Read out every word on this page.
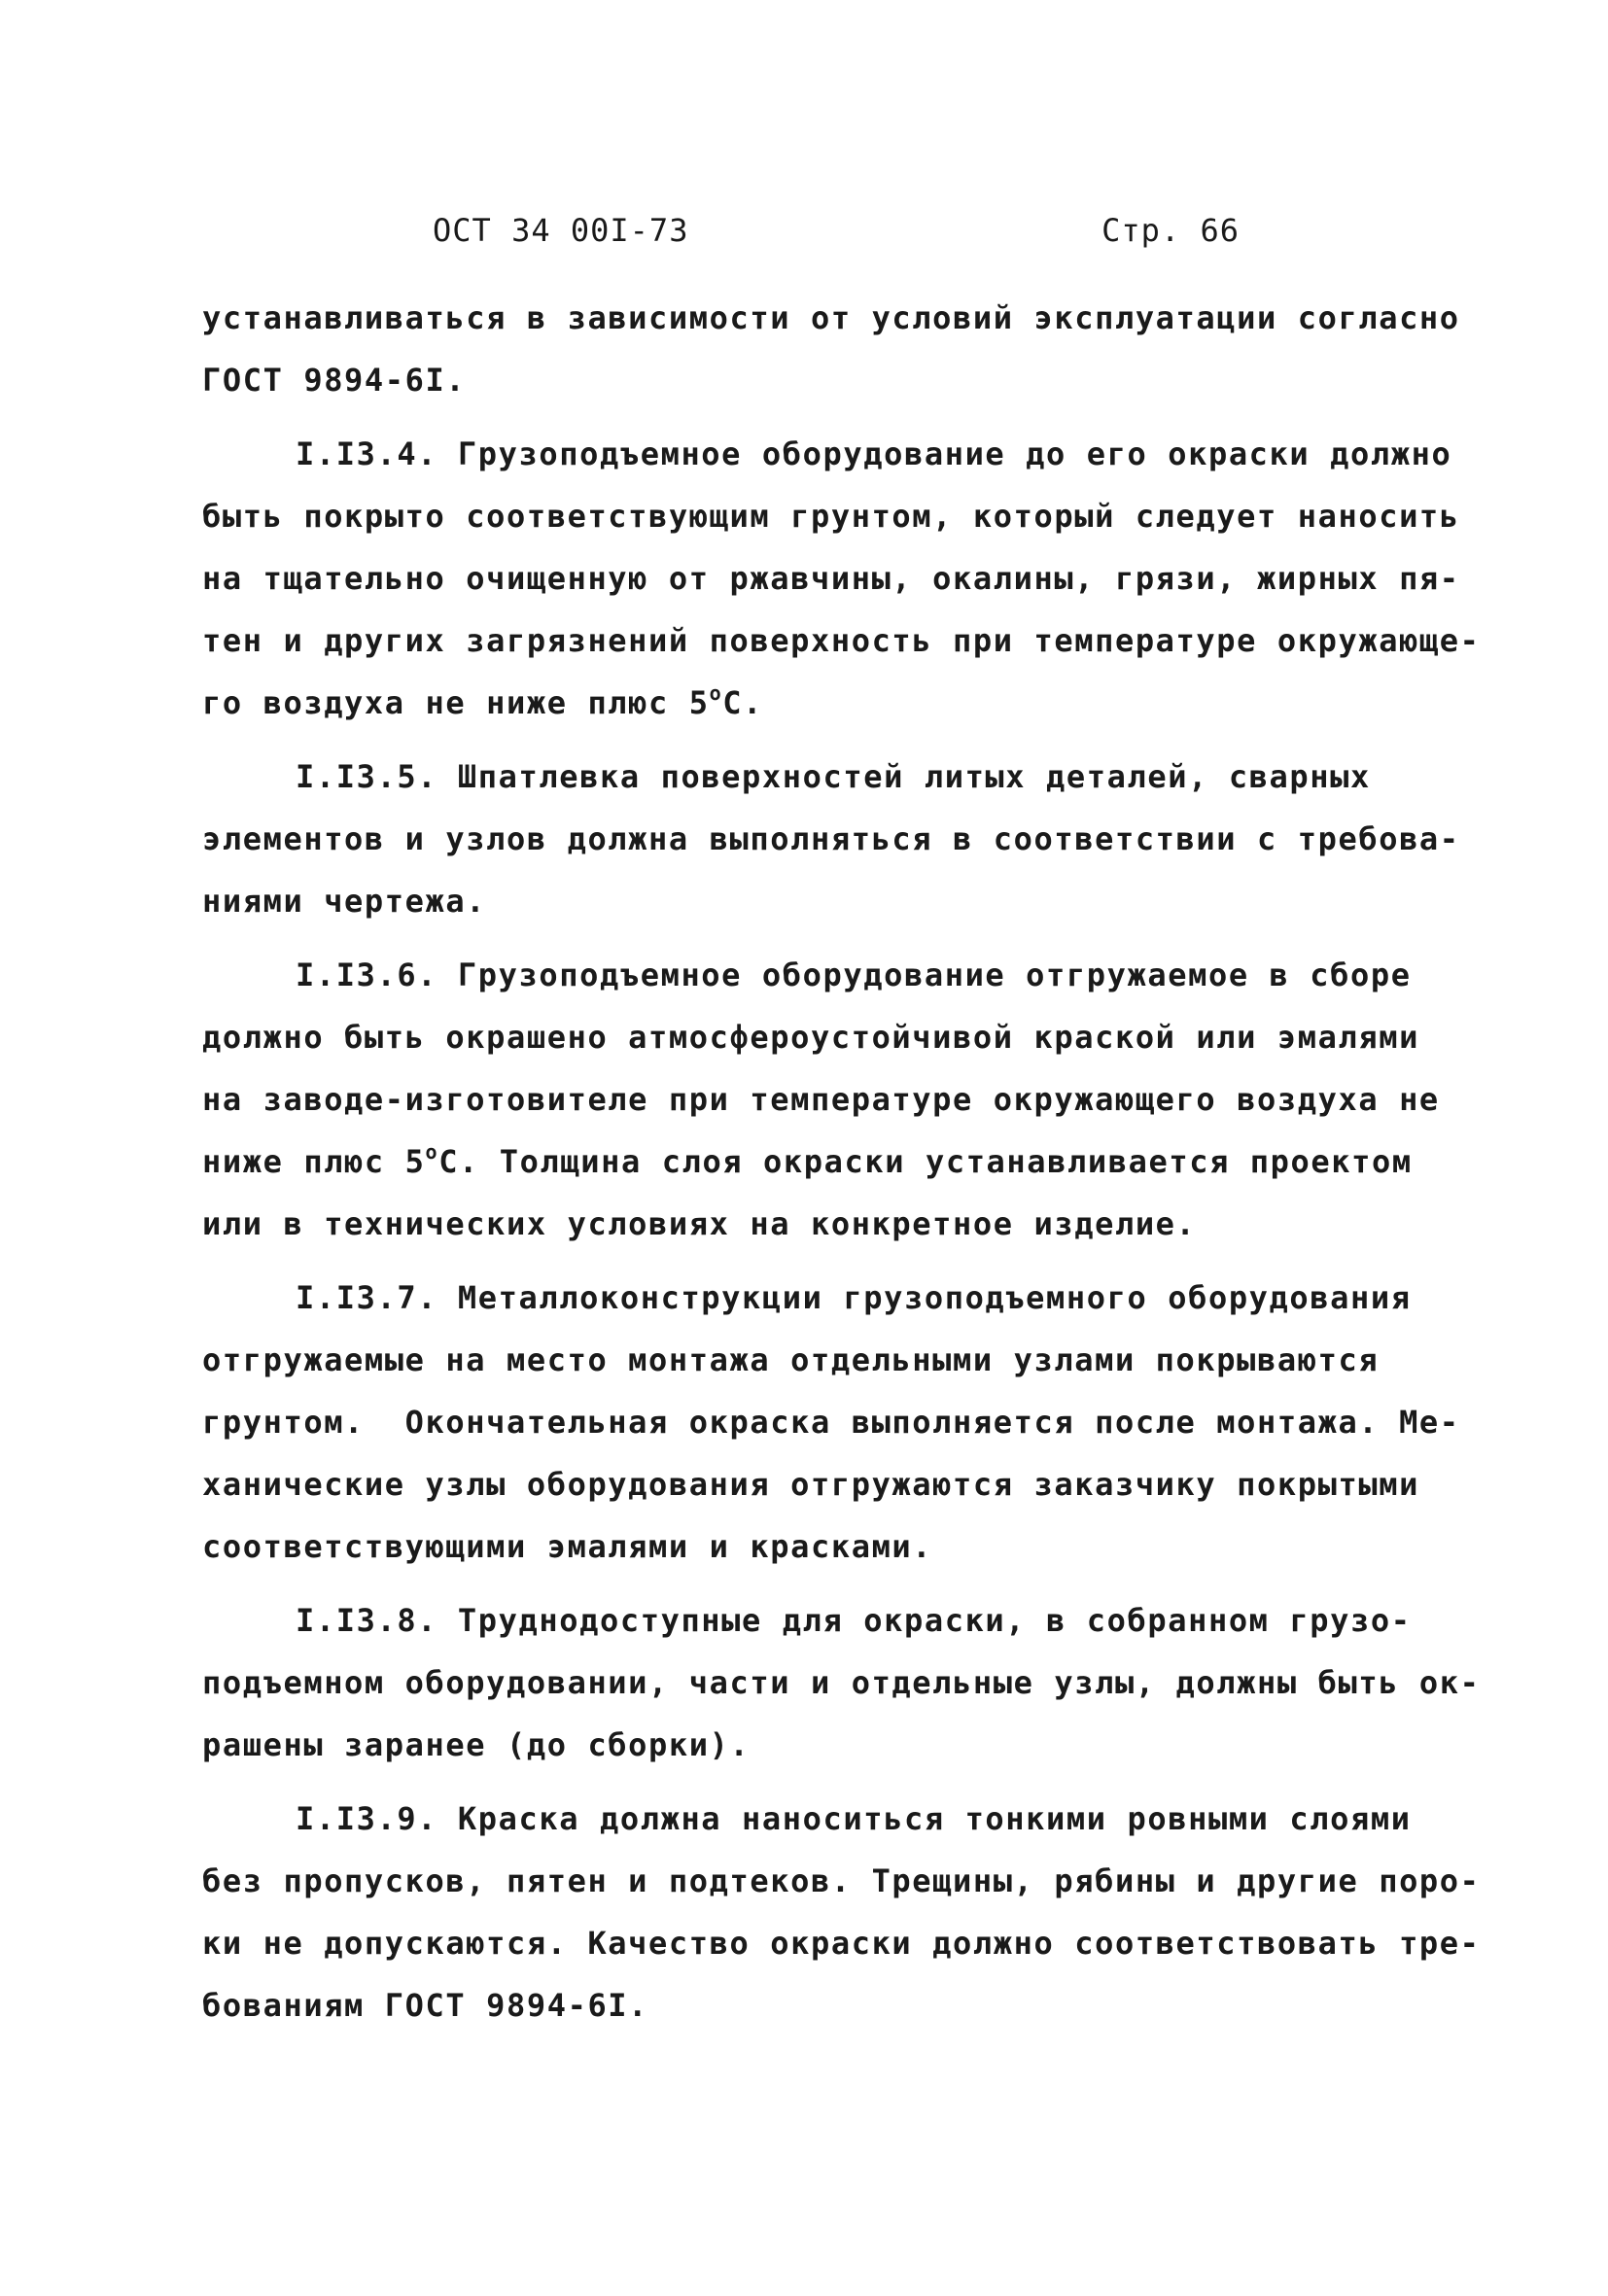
ОСТ 34 00I-73	Стр. 66
устанавливаться в зависимости от условий эксплуатации согласно
ГОСТ 9894-6I.
I.I3.4. Грузоподъемное оборудование до его окраски должно
быть покрыто соответствующим грунтом, который следует наносить
на тщательно очищенную от ржавчины, окалины, грязи, жирных пя-
тен и других загрязнений поверхность при температуре окружающе-
го воздуха не ниже плюс $5^оС$.
I.I3.5. Шпатлевка поверхностей литых деталей, сварных
элементов и узлов должна выполняться в соответствии с требова-
ниями чертежа.
I.I3.6. Грузоподъемное оборудование отгружаемое в сборе
должно быть окрашено атмосфероустойчивой краской или эмалями
на заводе-изготовителе при температуре окружающего воздуха не
ниже плюс $5^оС$. Толщина слоя окраски устанавливается проектом
или в технических условиях на конкретное изделие.
I.I3.7. Металлоконструкции грузоподъемного оборудования
отгружаемые на место монтажа отдельными узлами покрываются
грунтом.  Окончательная окраска выполняется после монтажа. Ме-
ханические узлы оборудования отгружаются заказчику покрытыми
соответствующими эмалями и красками.
I.I3.8. Труднодоступные для окраски, в собранном грузо-
подъемном оборудовании, части и отдельные узлы, должны быть ок-
рашены заранее (до сборки).
I.I3.9. Краска должна наноситься тонкими ровными слоями
без пропусков, пятен и подтеков. Трещины, рябины и другие поро-
ки не допускаются. Качество окраски должно соответствовать тре-
бованиям ГОСТ 9894-6I.
